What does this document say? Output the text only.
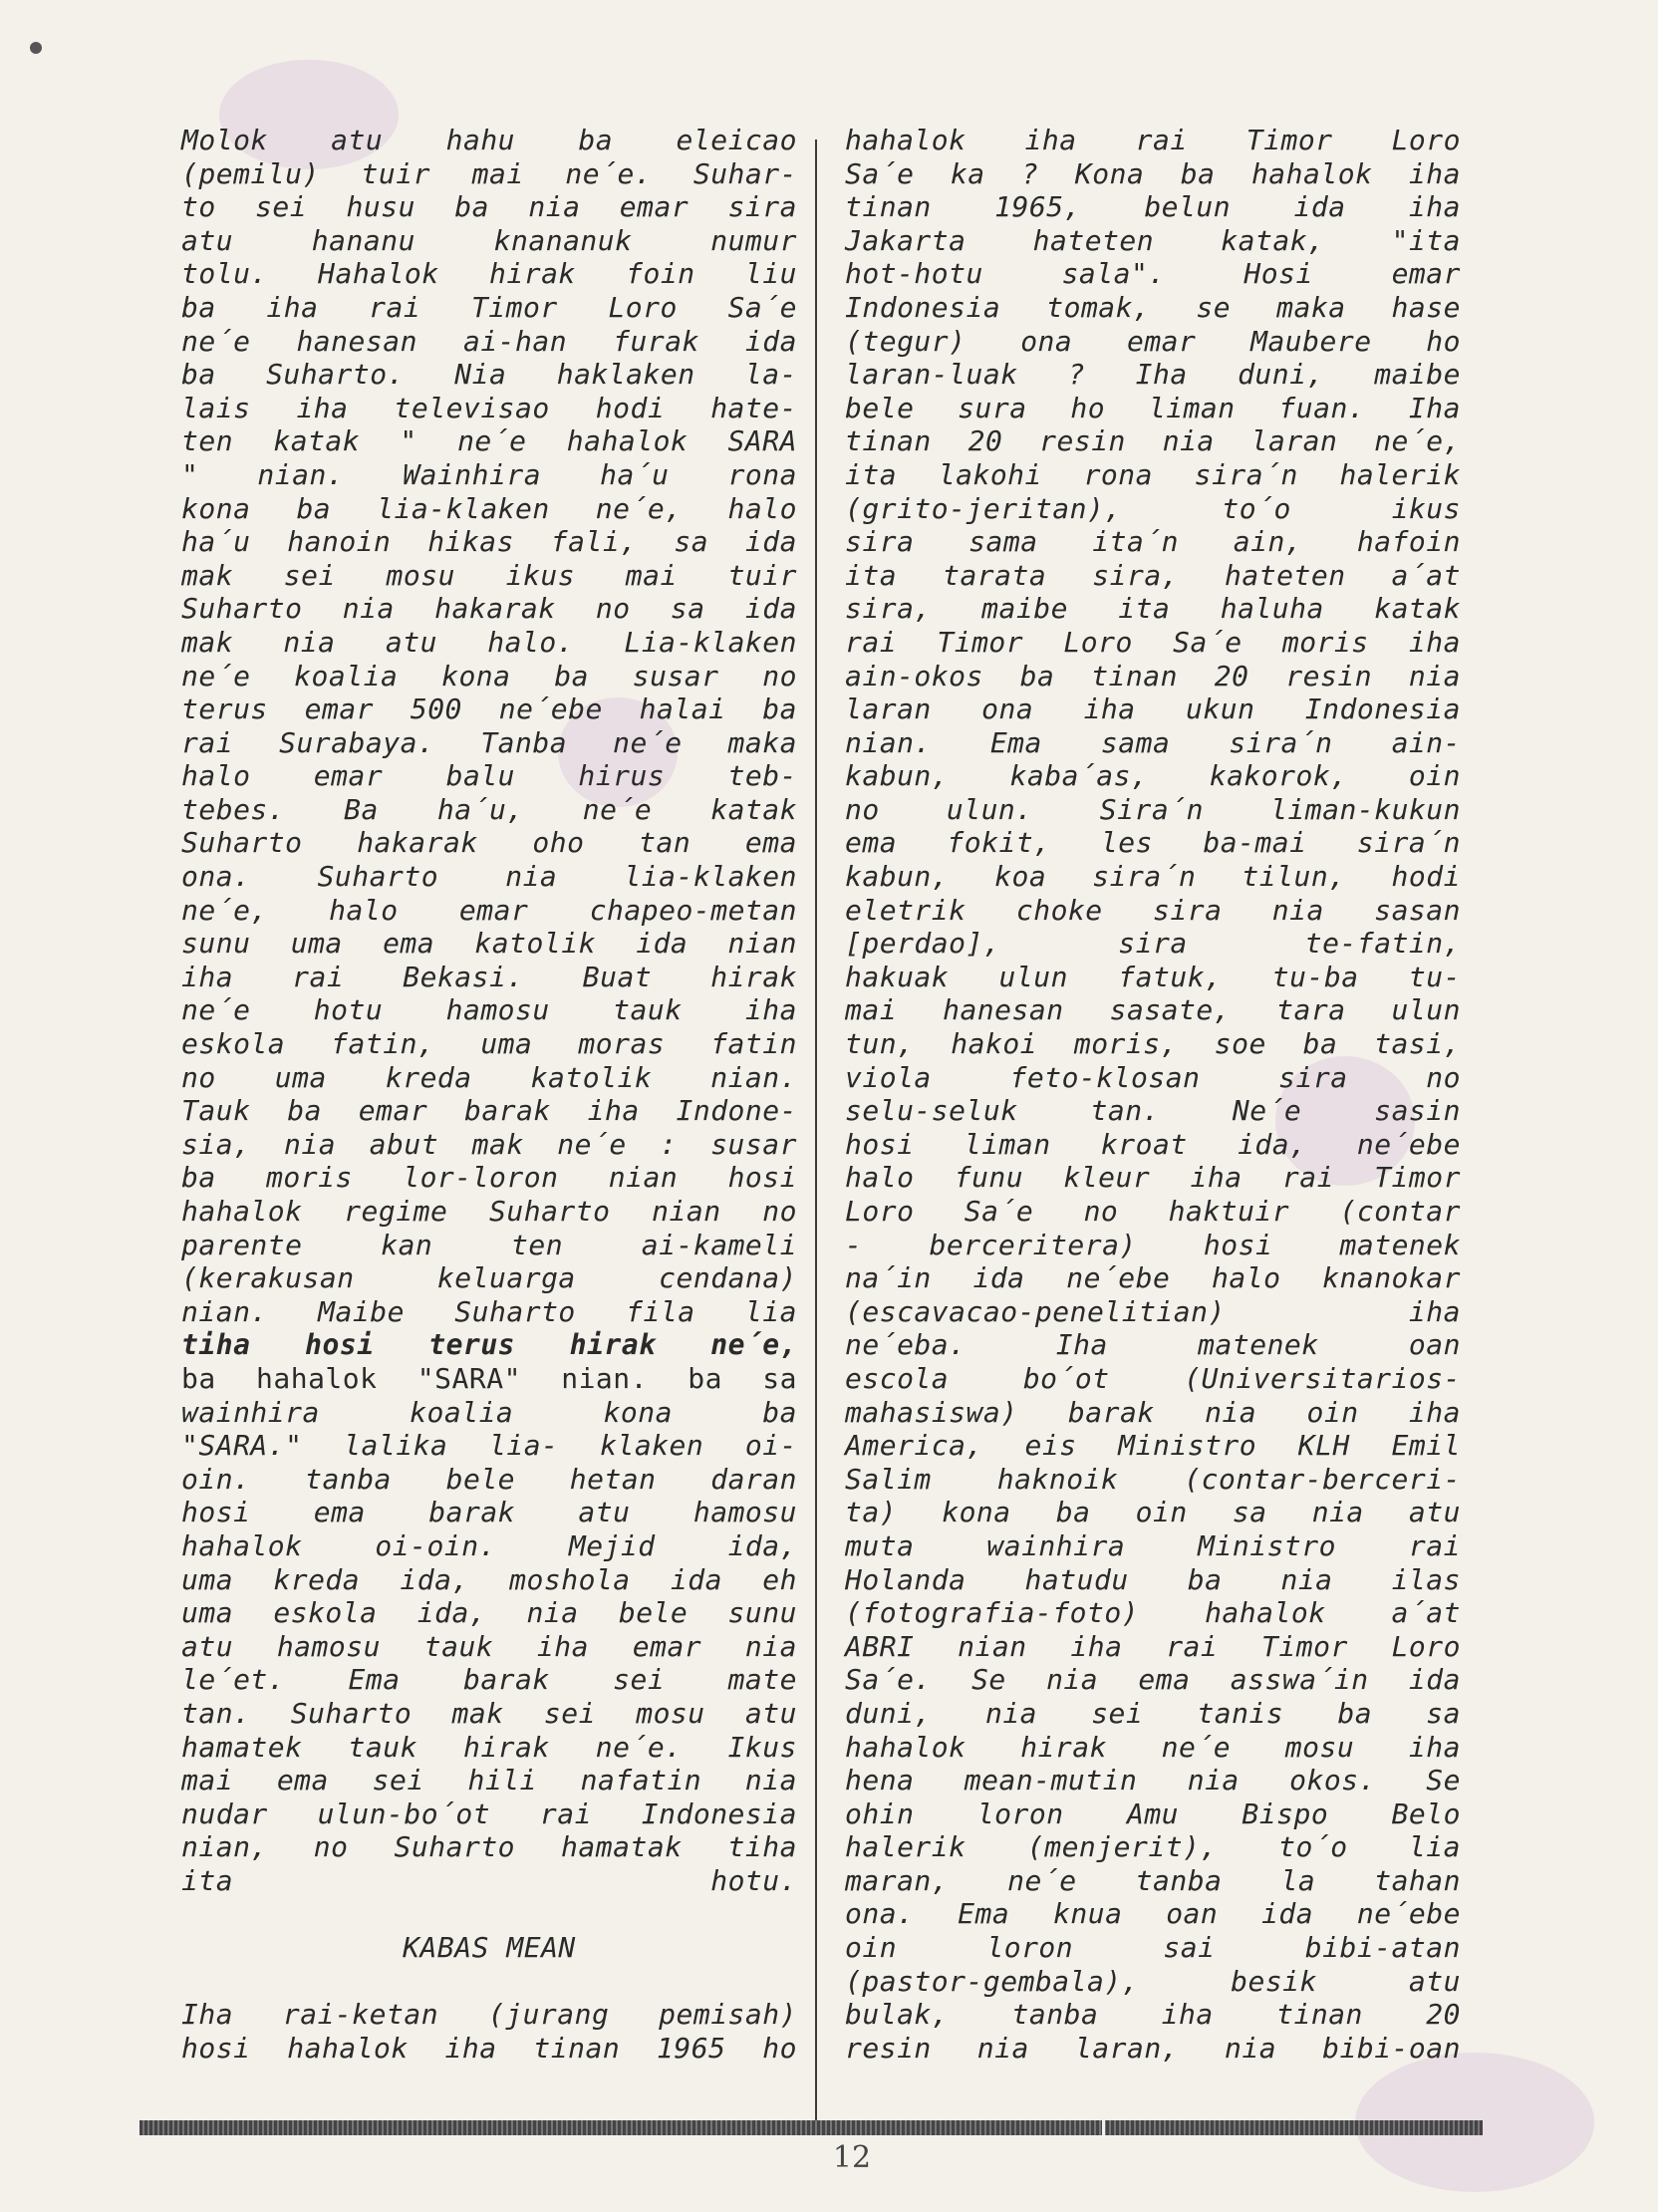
Molok atu hahu ba eleicao
(pemilu) tuir mai ne´e. Suhar-
to sei husu ba nia emar sira
atu hananu knananuk numur
tolu. Hahalok hirak foin liu
ba iha rai Timor Loro Sa´e
ne´e hanesan ai-han furak ida
ba Suharto. Nia haklaken la-
lais iha televisao hodi hate-
ten katak " ne´e hahalok SARA
" nian. Wainhira ha´u rona
kona ba lia-klaken ne´e, halo
ha´u hanoin hikas fali, sa ida
mak sei mosu ikus mai tuir
Suharto nia hakarak no sa ida
mak nia atu halo. Lia-klaken
ne´e koalia kona ba susar no
terus emar 500 ne´ebe halai ba
rai Surabaya. Tanba ne´e maka
halo emar balu hirus teb-
tebes. Ba ha´u, ne´e katak
Suharto hakarak oho tan ema
ona. Suharto nia lia-klaken
ne´e, halo emar chapeo-metan
sunu uma ema katolik ida nian
iha rai Bekasi. Buat hirak
ne´e hotu hamosu tauk iha
eskola fatin, uma moras fatin
no uma kreda katolik nian.
Tauk ba emar barak iha Indone-
sia, nia abut mak ne´e : susar
ba moris lor-loron nian hosi
hahalok regime Suharto nian no
parente kan ten ai-kameli
(kerakusan keluarga cendana)
nian. Maibe Suharto fila lia
tiha hosi terus hirak ne´e,
ba hahalok "SARA" nian. ba sa
wainhira koalia kona ba
"SARA." lalika lia- klaken oi-
oin. tanba bele hetan daran
hosi ema barak atu hamosu
hahalok oi-oin. Mejid ida,
uma kreda ida, moshola ida eh
uma eskola ida, nia bele sunu
atu hamosu tauk iha emar nia
le´et. Ema barak sei mate
tan. Suharto mak sei mosu atu
hamatek tauk hirak ne´e. Ikus
mai ema sei hili nafatin nia
nudar ulun-bo´ot rai Indonesia
nian, no Suharto hamatak tiha
ita hotu.
KABAS MEAN
Iha rai-ketan (jurang pemisah)
hosi hahalok iha tinan 1965 ho
hahalok iha rai Timor Loro
Sa´e ka ? Kona ba hahalok iha
tinan 1965, belun ida iha
Jakarta hateten katak, "ita
hot-hotu sala". Hosi emar
Indonesia tomak, se maka hase
(tegur) ona emar Maubere ho
laran-luak ? Iha duni, maibe
bele sura ho liman fuan. Iha
tinan 20 resin nia laran ne´e,
ita lakohi rona sira´n halerik
(grito-jeritan), to´o ikus
sira sama ita´n ain, hafoin
ita tarata sira, hateten a´at
sira, maibe ita haluha katak
rai Timor Loro Sa´e moris iha
ain-okos ba tinan 20 resin nia
laran ona iha ukun Indonesia
nian. Ema sama sira´n ain-
kabun, kaba´as, kakorok, oin
no ulun. Sira´n liman-kukun
ema fokit, les ba-mai sira´n
kabun, koa sira´n tilun, hodi
eletrik choke sira nia sasan
[perdao], sira te-fatin,
hakuak ulun fatuk, tu-ba tu-
mai hanesan sasate, tara ulun
tun, hakoi moris, soe ba tasi,
viola feto-klosan sira no
selu-seluk tan. Ne´e sasin
hosi liman kroat ida, ne´ebe
halo funu kleur iha rai Timor
Loro Sa´e no haktuir (contar
- berceritera) hosi matenek
na´in ida ne´ebe halo knanokar
(escavacao-penelitian) iha
ne´eba. Iha matenek oan
escola bo´ot (Universitarios-
mahasiswa) barak nia oin iha
America, eis Ministro KLH Emil
Salim haknoik (contar-berceri-
ta) kona ba oin sa nia atu
muta wainhira Ministro rai
Holanda hatudu ba nia ilas
(fotografia-foto) hahalok a´at
ABRI nian iha rai Timor Loro
Sa´e. Se nia ema asswa´in ida
duni, nia sei tanis ba sa
hahalok hirak ne´e mosu iha
hena mean-mutin nia okos. Se
ohin loron Amu Bispo Belo
halerik (menjerit), to´o lia
maran, ne´e tanba la tahan
ona. Ema knua oan ida ne´ebe
oin loron sai bibi-atan
(pastor-gembala), besik atu
bulak, tanba iha tinan 20
resin nia laran, nia bibi-oan
12
